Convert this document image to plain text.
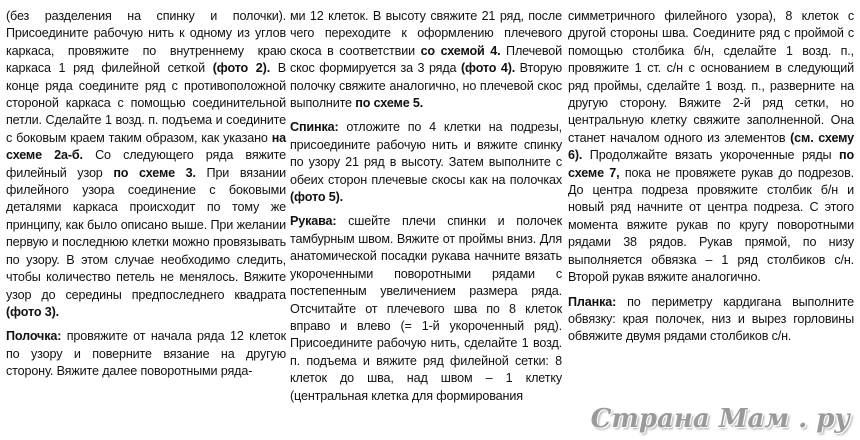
(без разделения на спинку и полочки). Присоедините рабочую нить к одному из углов каркаса, провяжите по внутреннему краю каркаса 1 ряд филейной сеткой (фото 2). В конце ряда соедините ряд с противоположной стороной каркаса с помощью соединительной петли. Сделайте 1 возд. п. подъема и соедините с боковым краем таким образом, как указано на схеме 2а-б. Со следующего ряда вяжите филейный узор по схеме 3. При вязании филейного узора соединение с боковыми деталями каркаса происходит по тому же принципу, как было описано выше. При желании первую и последнюю клетки можно провязывать по узору. В этом случае необходимо следить, чтобы количество петель не менялось. Вяжите узор до середины предпоследнего квадрата (фото 3).

Полочка: провяжите от начала ряда 12 клеток по узору и поверните вязание на другую сторону. Вяжите далее поворотными ряда-

ми 12 клеток. В высоту свяжите 21 ряд, после чего переходите к оформлению плечевого скоса в соответствии со схемой 4. Плечевой скос формируется за 3 ряда (фото 4). Вторую полочку свяжите аналогично, но плечевой скос выполните по схеме 5.

Спинка: отложите по 4 клетки на подрезы, присоедините рабочую нить и вяжите спинку по узору 21 ряд в высоту. Затем выполните с обеих сторон плечевые скосы как на полочках (фото 5).

Рукава: сшейте плечи спинки и полочек тамбурным швом. Вяжите от проймы вниз. Для анатомической посадки рукава начните вязать укороченными поворотными рядами с постепенным увеличением размера ряда. Отсчитайте от плечевого шва по 8 клеток вправо и влево (= 1-й укороченный ряд). Присоедините рабочую нить, сделайте 1 возд. п. подъема и вяжите ряд филейной сетки: 8 клеток до шва, над швом – 1 клетку (центральная клетка для формирования

симметричного филейного узора), 8 клеток с другой стороны шва. Соедините ряд с проймой с помощью столбика б/н, сделайте 1 возд. п., провяжите 1 ст. с/н с основанием в следующий ряд проймы, сделайте 1 возд. п., разверните на другую сторону. Вяжите 2-й ряд сетки, но центральную клетку свяжите заполненной. Она станет началом одного из элементов (см. схему 6). Продолжайте вязать укороченные ряды по схеме 7, пока не провяжете рукав до подрезов. До центра подреза провяжите столбик б/н и новый ряд начните от центра подреза. С этого момента вяжите рукав по кругу поворотными рядами 38 рядов. Рукав прямой, по низу выполняется обвязка – 1 ряд столбиков с/н. Второй рукав вяжите аналогично.

Планка: по периметру кардигана выполните обвязку: края полочек, низ и вырез горловины обвяжите двумя рядами столбиков с/н.

Страна Мам . ру
